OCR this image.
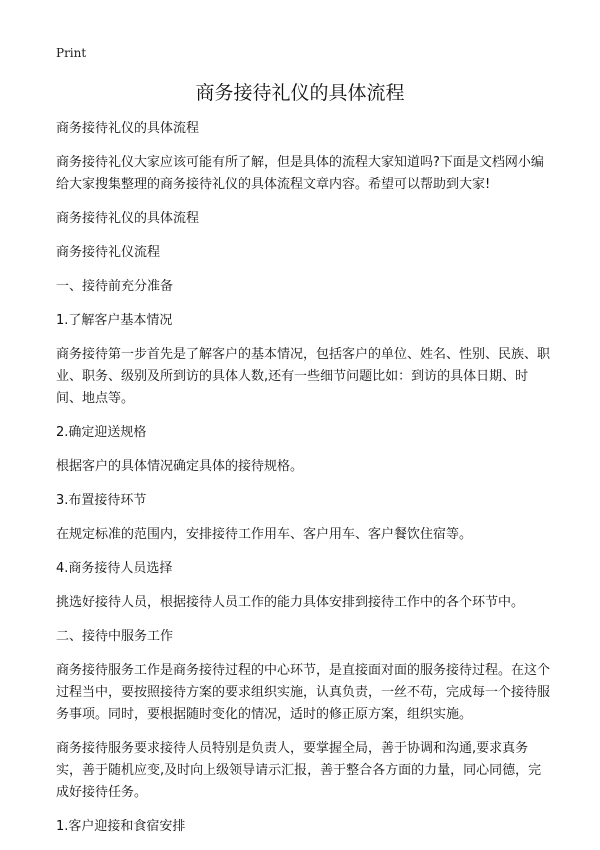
Print
商务接待礼仪的具体流程
商务接待礼仪的具体流程
商务接待礼仪大家应该可能有所了解，但是具体的流程大家知道吗?下面是文档网小编给大家搜集整理的商务接待礼仪的具体流程文章内容。希望可以帮助到大家!
商务接待礼仪的具体流程
商务接待礼仪流程
一、接待前充分准备
1.了解客户基本情况
商务接待第一步首先是了解客户的基本情况，包括客户的单位、姓名、性别、民族、职业、职务、级别及所到访的具体人数,还有一些细节问题比如：到访的具体日期、时间、地点等。
2.确定迎送规格
根据客户的具体情况确定具体的接待规格。
3.布置接待环节
在规定标准的范围内，安排接待工作用车、客户用车、客户餐饮住宿等。
4.商务接待人员选择
挑选好接待人员，根据接待人员工作的能力具体安排到接待工作中的各个环节中。
二、接待中服务工作
商务接待服务工作是商务接待过程的中心环节，是直接面对面的服务接待过程。在这个过程当中，要按照接待方案的要求组织实施，认真负责，一丝不苟，完成每一个接待服务事项。同时，要根据随时变化的情况，适时的修正原方案，组织实施。
商务接待服务要求接待人员特别是负责人，要掌握全局，善于协调和沟通,要求真务实，善于随机应变,及时向上级领导请示汇报，善于整合各方面的力量，同心同德，完成好接待任务。
1.客户迎接和食宿安排
